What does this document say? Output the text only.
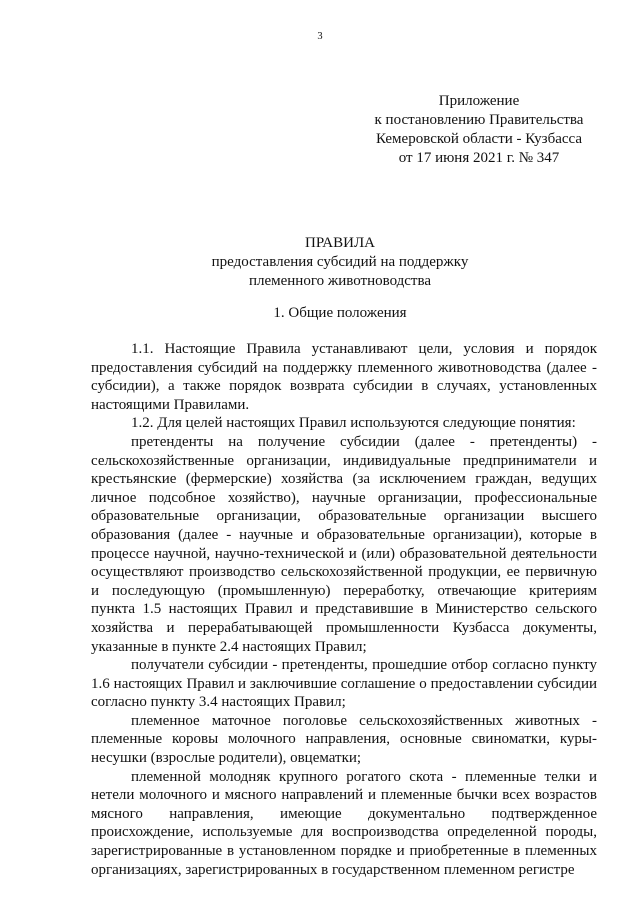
3
Приложение
к постановлению Правительства
Кемеровской области - Кузбасса
от 17 июня 2021 г. № 347
ПРАВИЛА
предоставления субсидий на поддержку
племенного животноводства
1. Общие положения

1.1. Настоящие Правила устанавливают цели, условия и порядок предоставления субсидий на поддержку племенного животноводства (далее - субсидии), а также порядок возврата субсидии в случаях, установленных настоящими Правилами.

1.2. Для целей настоящих Правил используются следующие понятия:

претенденты на получение субсидии (далее - претенденты) - сельскохозяйственные организации, индивидуальные предприниматели и крестьянские (фермерские) хозяйства (за исключением граждан, ведущих личное подсобное хозяйство), научные организации, профессиональные образовательные организации, образовательные организации высшего образования (далее - научные и образовательные организации), которые в процессе научной, научно-технической и (или) образовательной деятельности осуществляют производство сельскохозяйственной продукции, ее первичную и последующую (промышленную) переработку, отвечающие критериям пункта 1.5 настоящих Правил и представившие в Министерство сельского хозяйства и перерабатывающей промышленности Кузбасса документы, указанные в пункте 2.4 настоящих Правил;

получатели субсидии - претенденты, прошедшие отбор согласно пункту 1.6 настоящих Правил и заключившие соглашение о предоставлении субсидии согласно пункту 3.4 настоящих Правил;

племенное маточное поголовье сельскохозяйственных животных - племенные коровы молочного направления, основные свиноматки, куры-несушки (взрослые родители), овцематки;

племенной молодняк крупного рогатого скота - племенные телки и нетели молочного и мясного направлений и племенные бычки всех возрастов мясного направления, имеющие документально подтвержденное происхождение, используемые для воспроизводства определенной породы, зарегистрированные в установленном порядке и приобретенные в племенных организациях, зарегистрированных в государственном племенном регистре
